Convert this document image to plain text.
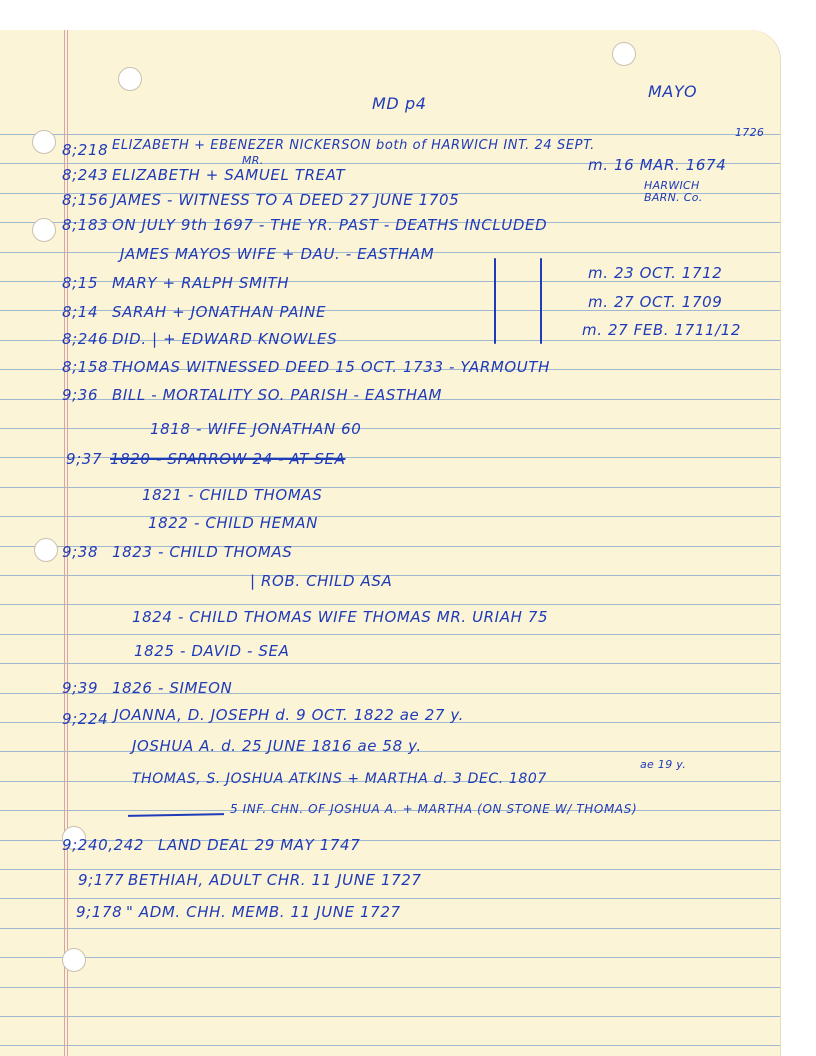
MD p4

MAYO

1726

8;218 ELIZABETH + EBENEZER NICKERSON both of HARWICH INT. 24 SEPT.

MR.

8;243 ELIZABETH + SAMUEL TREAT

m. 16 MAR. 1674

8;156 JAMES - WITNESS TO A DEED 27 JUNE 1705

HARWICH BARN. Co.

8;183 ON JULY 9th 1697 - THE YR. PAST - DEATHS INCLUDED

JAMES MAYOS WIFE + DAU. - EASTHAM

8;15 MARY + RALPH SMITH

m. 23 OCT. 1712

8;14 SARAH + JONATHAN PAINE

m. 27 OCT. 1709

8;246 DID. | + EDWARD KNOWLES	m. 27 FEB. 1711/12

8;158 THOMAS WITNESSED DEED 15 OCT. 1733 - YARMOUTH

9;36 BILL - MORTALITY SO. PARISH - EASTHAM

1818 - WIFE JONATHAN 60

9;37 1820 - SPARROW 24 - AT SEA

1821 - CHILD THOMAS

1822 - CHILD HEMAN

9;38 1823 - CHILD THOMAS

| ROB. CHILD ASA

1824 - CHILD THOMAS WIFE THOMAS MR. URIAH 75

1825 - DAVID - SEA

9;39 1826 - SIMEON

9;224 JOANNA, D. JOSEPH d. 9 OCT. 1822 ae 27 y.

JOSHUA A. d. 25 JUNE 1816 ae 58 y.

ae 19 y.

THOMAS, S. JOSHUA ATKINS + MARTHA d. 3 DEC. 1807

5 INF. CHN. OF JOSHUA A. + MARTHA (ON STONE W/ THOMAS)

9;240,242 LAND DEAL 29 MAY 1747

9;177 BETHIAH, ADULT CHR. 11 JUNE 1727

9;178 " ADM. CHH. MEMB. 11 JUNE 1727
